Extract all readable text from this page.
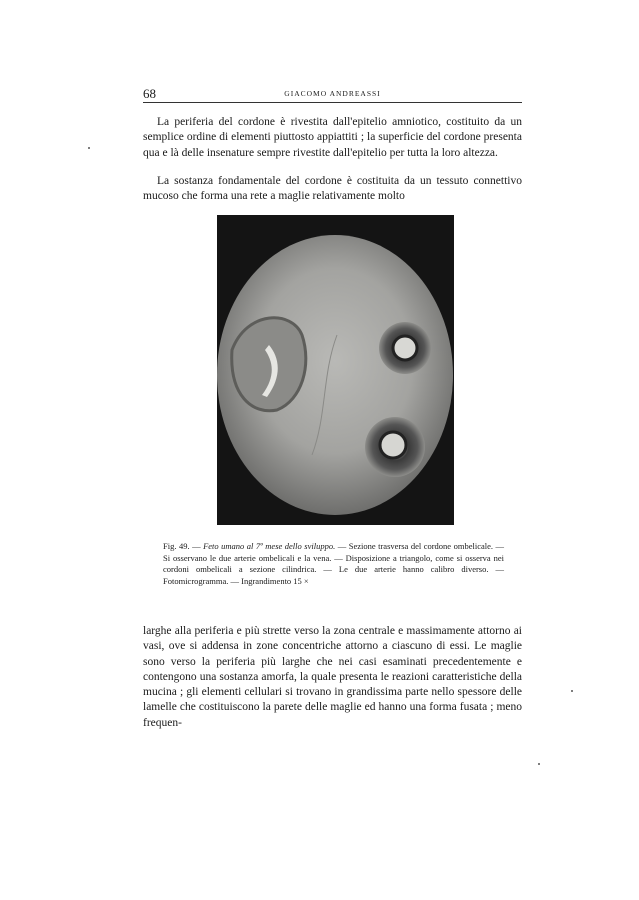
68	GIACOMO ANDREASSI

La periferia del cordone è rivestita dall'epitelio amniotico, costituito da un semplice ordine di elementi piuttosto appiattiti ; la superficie del cordone presenta qua e là delle insenature sempre rivestite dall'epitelio per tutta la loro altezza.

La sostanza fondamentale del cordone è costituita da un tessuto connettivo mucoso che forma una rete a maglie relativamente molto

Fig. 49. — Feto umano al 7º mese dello sviluppo. — Sezione trasversa del cordone ombelicale. — Si osservano le due arterie ombelicali e la vena. — Disposizione a triangolo, come si osserva nei cordoni ombelicali a sezione cilindrica. — Le due arterie hanno calibro diverso. — Fotomicrogramma. — Ingrandimento 15 ×

larghe alla periferia e più strette verso la zona centrale e massimamente attorno ai vasi, ove si addensa in zone concentriche attorno a ciascuno di essi. Le maglie sono verso la periferia più larghe che nei casi esaminati precedentemente e contengono una sostanza amorfa, la quale presenta le reazioni caratteristiche della mucina ; gli elementi cellulari si trovano in grandissima parte nello spessore delle lamelle che costituiscono la parete delle maglie ed hanno una forma fusata ; meno frequen-
